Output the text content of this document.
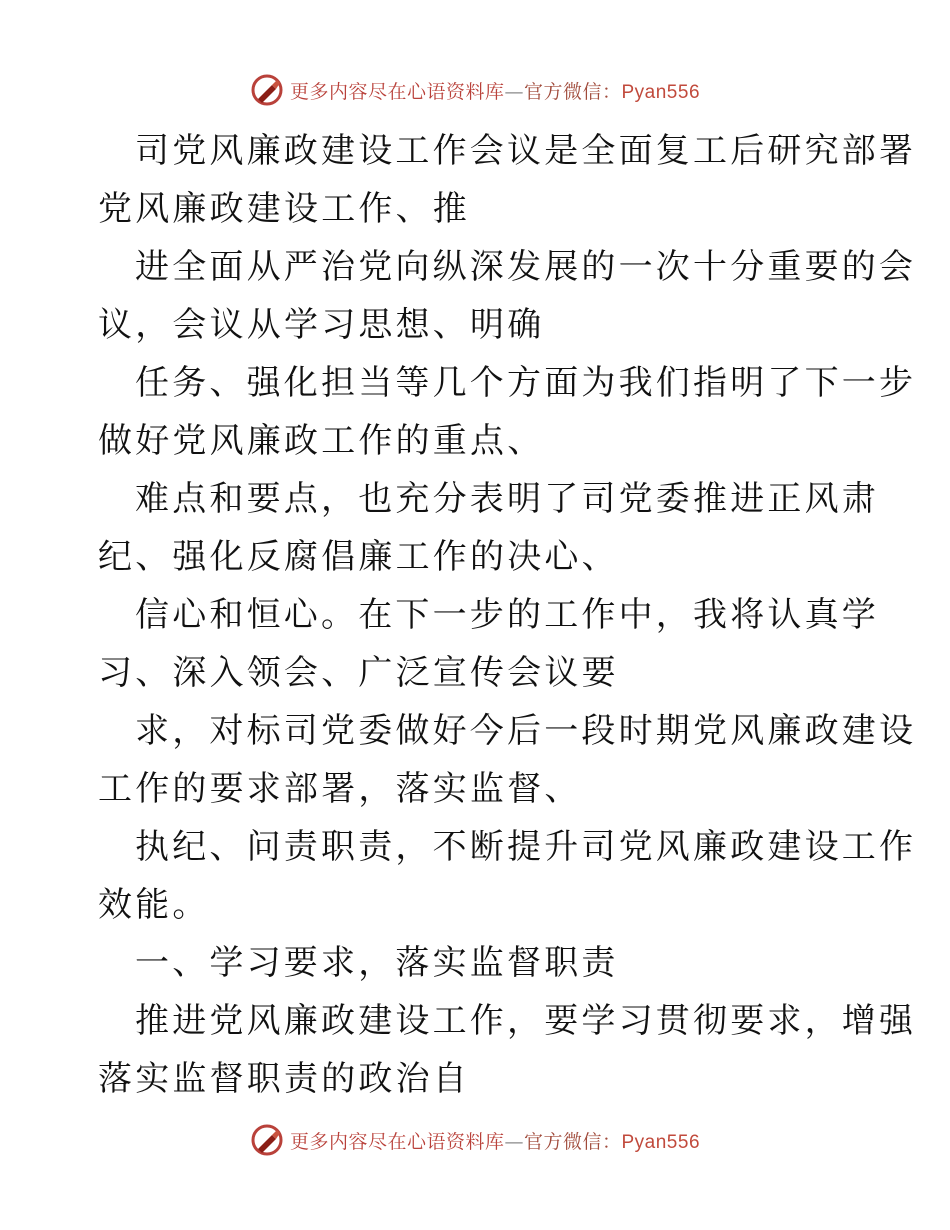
更多内容尽在心语资料库—官方微信：Pyan556
司党风廉政建设工作会议是全面复工后研究部署
党风廉政建设工作、推
进全面从严治党向纵深发展的一次十分重要的会
议，会议从学习思想、明确
任务、强化担当等几个方面为我们指明了下一步
做好党风廉政工作的重点、
难点和要点，也充分表明了司党委推进正风肃
纪、强化反腐倡廉工作的决心、
信心和恒心。在下一步的工作中，我将认真学
习、深入领会、广泛宣传会议要
求，对标司党委做好今后一段时期党风廉政建设
工作的要求部署，落实监督、
执纪、问责职责，不断提升司党风廉政建设工作
效能。
一、学习要求，落实监督职责
推进党风廉政建设工作，要学习贯彻要求，增强
落实监督职责的政治自
更多内容尽在心语资料库—官方微信：Pyan556
